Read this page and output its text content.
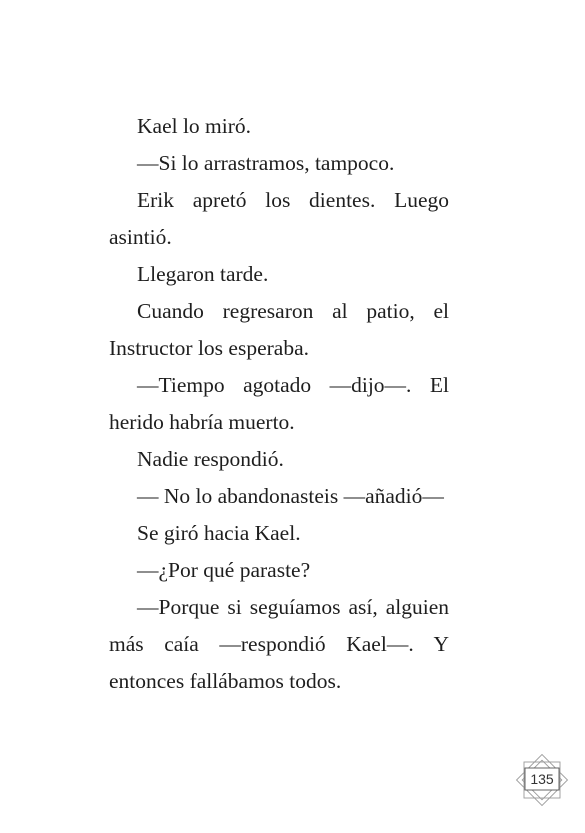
Kael lo miró.

—Si lo arrastramos, tampoco.

Erik apretó los dientes. Luego asintió.

Llegaron tarde.

Cuando regresaron al patio, el Instructor los esperaba.

—Tiempo agotado —dijo—. El herido habría muerto.

Nadie respondió.

— No lo abandonasteis —añadió—

Se giró hacia Kael.

—¿Por qué paraste?

—Porque si seguíamos así, alguien más caía —respondió Kael—. Y entonces fallábamos todos.

135
